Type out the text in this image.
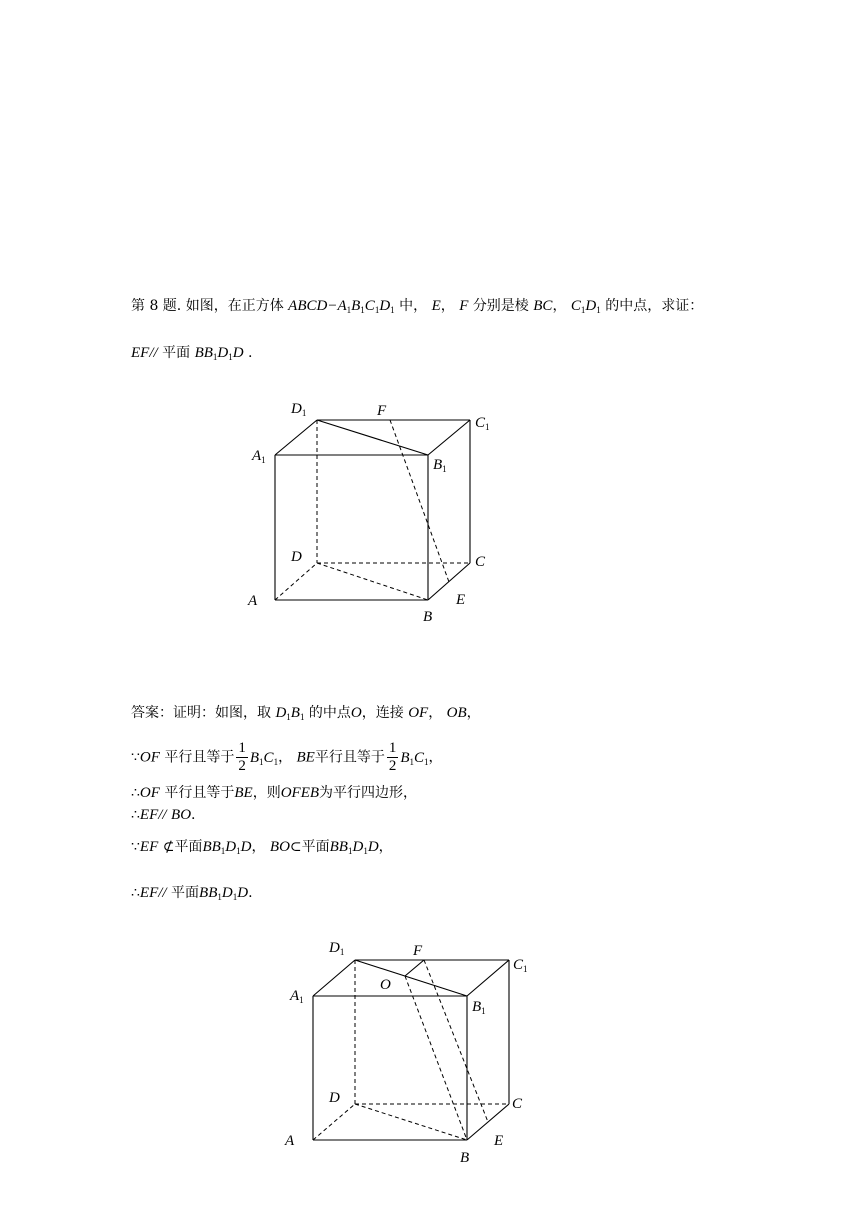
第 8 题. 如图，在正方体 $ABCD-A_1B_1C_1D_1$ 中， E， F 分别是棱 BC， $C_1D_1$ 的中点，求证：
EF// 平面 $BB_1D_1D$ .
$D_1$	F
$C_1$
$A_1$	$B_1$
D	C
A	E
B
答案：证明：如图，取 $D_1B_1$ 的中点O，连接 OF， OB，
∵OF 平行且等于 $\frac{1}{2} B_1C_1$， BE平行且等于 $\frac{1}{2} B_1C_1$，
∴OF 平行且等于BE，则OFEB为平行四边形，
∴EF// BO.
∵EF ⊄平面$BB_1D_1D$， BO⊂平面$BB_1D_1D$，
∴EF// 平面$BB_1D_1D$.
$D_1$	F
$C_1$
$A_1$
O
$B_1$
D	C
A	E
B
